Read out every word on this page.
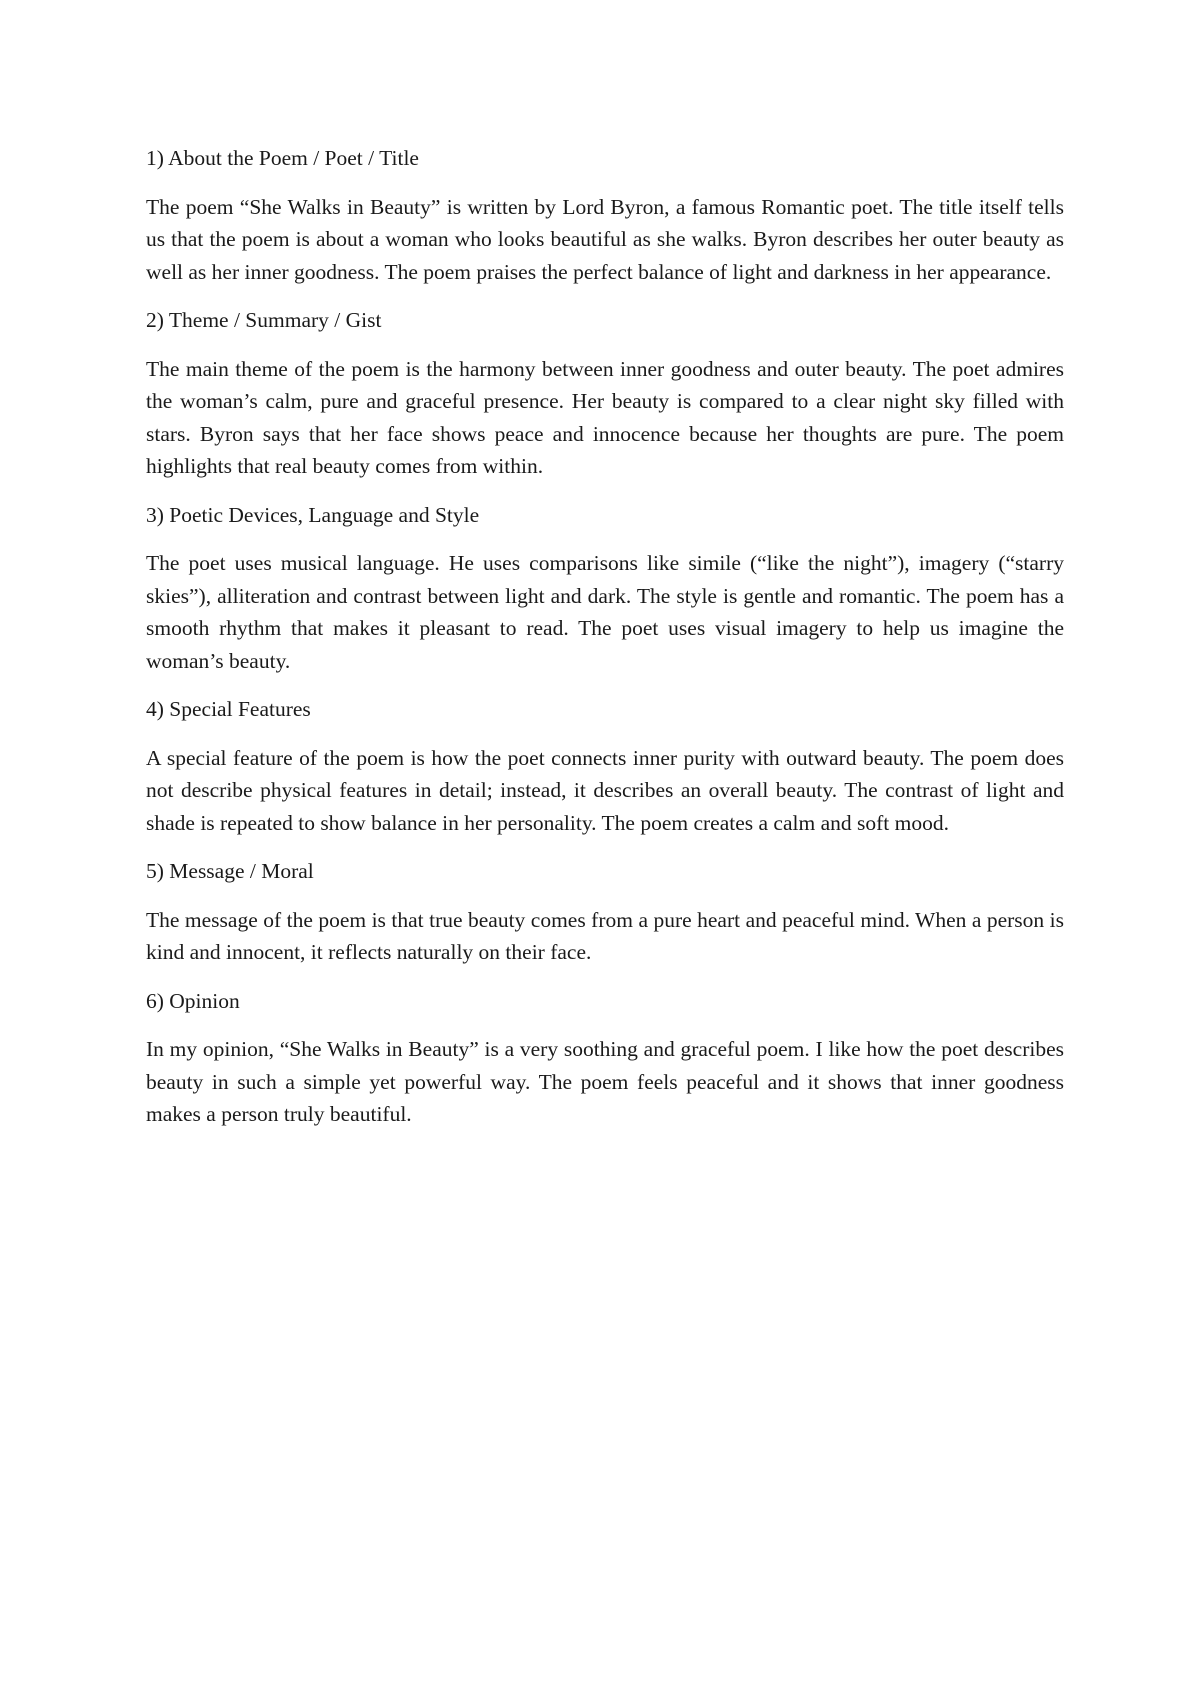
1) About the Poem / Poet / Title

The poem “She Walks in Beauty” is written by Lord Byron, a famous Romantic poet. The title itself tells us that the poem is about a woman who looks beautiful as she walks. Byron describes her outer beauty as well as her inner goodness. The poem praises the perfect balance of light and darkness in her appearance.

2) Theme / Summary / Gist

The main theme of the poem is the harmony between inner goodness and outer beauty. The poet admires the woman’s calm, pure and graceful presence. Her beauty is compared to a clear night sky filled with stars. Byron says that her face shows peace and innocence because her thoughts are pure. The poem highlights that real beauty comes from within.

3) Poetic Devices, Language and Style

The poet uses musical language. He uses comparisons like simile (“like the night”), imagery (“starry skies”), alliteration and contrast between light and dark. The style is gentle and romantic. The poem has a smooth rhythm that makes it pleasant to read. The poet uses visual imagery to help us imagine the woman’s beauty.

4) Special Features

A special feature of the poem is how the poet connects inner purity with outward beauty. The poem does not describe physical features in detail; instead, it describes an overall beauty. The contrast of light and shade is repeated to show balance in her personality. The poem creates a calm and soft mood.

5) Message / Moral

The message of the poem is that true beauty comes from a pure heart and peaceful mind. When a person is kind and innocent, it reflects naturally on their face.

6) Opinion

In my opinion, “She Walks in Beauty” is a very soothing and graceful poem. I like how the poet describes beauty in such a simple yet powerful way. The poem feels peaceful and it shows that inner goodness makes a person truly beautiful.
